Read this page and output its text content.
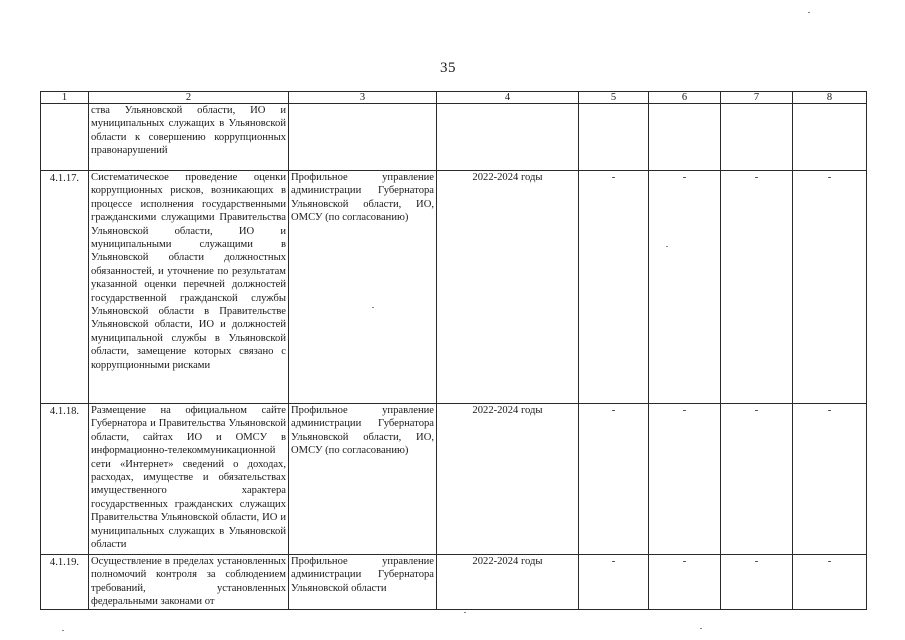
35
1	2	3	4	5	6	7	8
	ства Ульяновской области, ИО и муниципальных служащих в Ульяновской области к совершению коррупционных правонарушений						
4.1.17.	Систематическое проведение оценки коррупционных рисков, возникающих в процессе исполнения государственными гражданскими служащими Правительства Ульяновской области, ИО и муниципальными служащими в Ульяновской области должностных обязанностей, и уточнение по результатам указанной оценки перечней должностей государственной гражданской службы Ульяновской области в Правительстве Ульяновской области, ИО и должностей муниципальной службы в Ульяновской области, замещение которых связано с коррупционными рисками	Профильное управление администрации Губернатора Ульяновской области, ИО, ОМСУ (по согласованию)	2022-2024 годы	-	-	-	-
4.1.18.	Размещение на официальном сайте Губернатора и Правительства Ульяновской области, сайтах ИО и ОМСУ в информационно-телекоммуникационной сети «Интернет» сведений о доходах, расходах, имуществе и обязательствах имущественного характера государственных гражданских служащих Правительства Ульяновской области, ИО и муниципальных служащих в Ульяновской области	Профильное управление администрации Губернатора Ульяновской области, ИО, ОМСУ (по согласованию)	2022-2024 годы	-	-	-	-
4.1.19.	Осуществление в пределах установленных полномочий контроля за соблюдением требований, установленных федеральными законами от	Профильное управление администрации Губернатора Ульяновской области	2022-2024 годы	-	-	-	-
